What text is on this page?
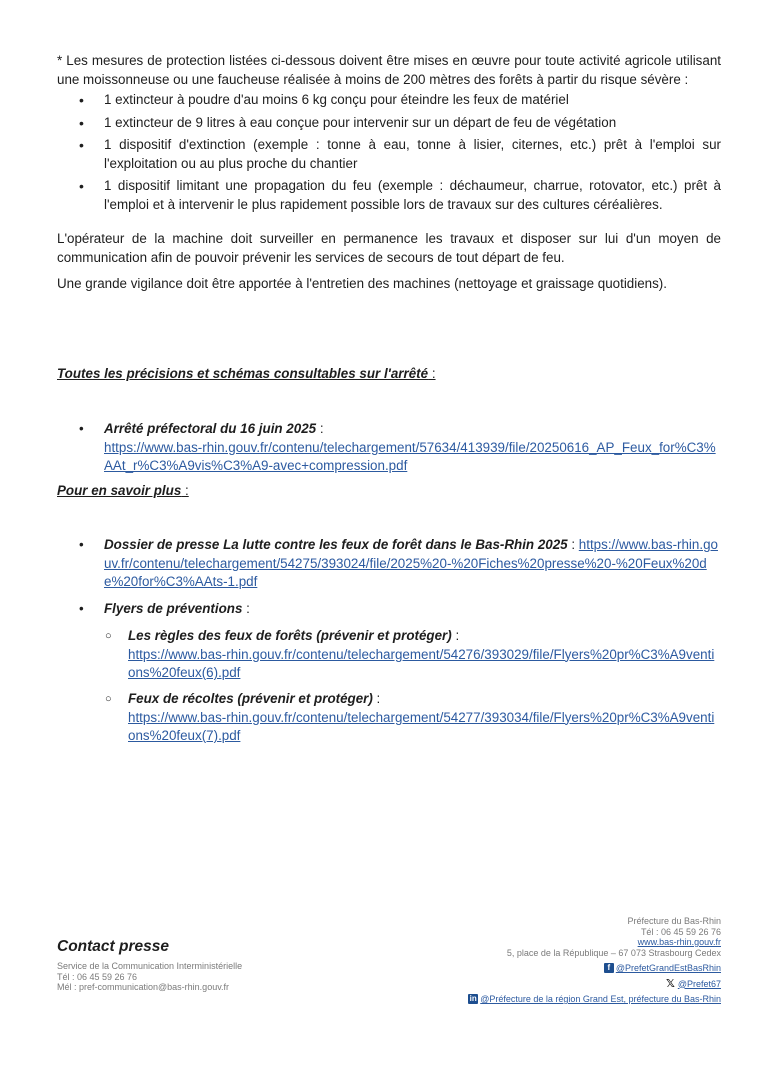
* Les mesures de protection listées ci-dessous doivent être mises en œuvre pour toute activité agricole utilisant une moissonneuse ou une faucheuse réalisée à moins de 200 mètres des forêts à partir du risque sévère :

• 1 extincteur à poudre d'au moins 6 kg conçu pour éteindre les feux de matériel
• 1 extincteur de 9 litres à eau conçue pour intervenir sur un départ de feu de végétation
• 1 dispositif d'extinction (exemple : tonne à eau, tonne à lisier, citernes, etc.) prêt à l'emploi sur l'exploitation ou au plus proche du chantier
• 1 dispositif limitant une propagation du feu (exemple : déchaumeur, charrue, rotovator, etc.) prêt à l'emploi et à intervenir le plus rapidement possible lors de travaux sur des cultures céréalières.

L'opérateur de la machine doit surveiller en permanence les travaux et disposer sur lui d'un moyen de communication afin de pouvoir prévenir les services de secours de tout départ de feu.

Une grande vigilance doit être apportée à l'entretien des machines (nettoyage et graissage quotidiens).

Toutes les précisions et schémas consultables sur l'arrêté :
• Arrêté préfectoral du 16 juin 2025 :
https://www.bas-rhin.gouv.fr/contenu/telechargement/57634/413939/file/20250616_AP_Feux_for%C3%AAt_r%C3%A9vis%C3%A9-avec+compression.pdf
Pour en savoir plus :
• Dossier de presse La lutte contre les feux de forêt dans le Bas-Rhin 2025 : https://www.bas-rhin.gouv.fr/contenu/telechargement/54275/393024/file/2025%20-%20Fiches%20presse%20-%20Feux%20de%20for%C3%AAts-1.pdf
• Flyers de préventions :
○ Les règles des feux de forêts (prévenir et protéger) :
https://www.bas-rhin.gouv.fr/contenu/telechargement/54276/393029/file/Flyers%20pr%C3%A9ventions%20feux(6).pdf
○ Feux de récoltes (prévenir et protéger) :
https://www.bas-rhin.gouv.fr/contenu/telechargement/54277/393034/file/Flyers%20pr%C3%A9ventions%20feux(7).pdf
Contact presse
Service de la Communication Interministérielle
Tél : 06 45 59 26 76
Mél : pref-communication@bas-rhin.gouv.fr
Préfecture du Bas-Rhin
Tél : 06 45 59 26 76
www.bas-rhin.gouv.fr
5, place de la République – 67 073 Strasbourg Cedex
f @PrefetGrandEstBasRhin
𝕏 @Prefet67
in @Préfecture de la région Grand Est, préfecture du Bas-Rhin
